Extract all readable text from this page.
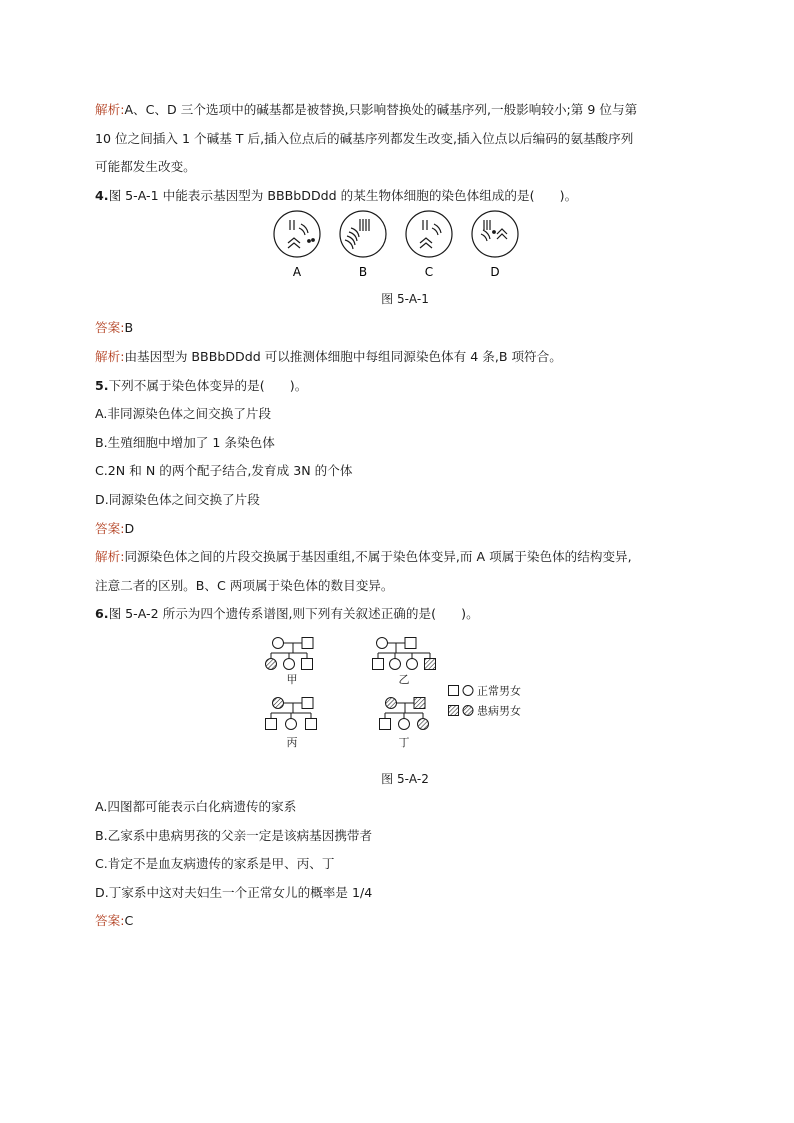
解析:A、C、D 三个选项中的碱基都是被替换,只影响替换处的碱基序列,一般影响较小;第 9 位与第
10 位之间插入 1 个碱基 T 后,插入位点后的碱基序列都发生改变,插入位点以后编码的氨基酸序列
可能都发生改变。
4.图 5-A-1 中能表示基因型为 BBBbDDdd 的某生物体细胞的染色体组成的是(　　)。
A	B	C	D
图 5-A-1
答案:B
解析:由基因型为 BBBbDDdd 可以推测体细胞中每组同源染色体有 4 条,B 项符合。
5.下列不属于染色体变异的是(　　)。
A.非同源染色体之间交换了片段
B.生殖细胞中增加了 1 条染色体
C.2N 和 N 的两个配子结合,发育成 3N 的个体
D.同源染色体之间交换了片段
答案:D
解析:同源染色体之间的片段交换属于基因重组,不属于染色体变异,而 A 项属于染色体的结构变异,
注意二者的区别。B、C 两项属于染色体的数目变异。
6.图 5-A-2 所示为四个遗传系谱图,则下列有关叙述正确的是(　　)。
甲	乙
丙	丁
正常男女
患病男女
图 5-A-2
A.四图都可能表示白化病遗传的家系
B.乙家系中患病男孩的父亲一定是该病基因携带者
C.肯定不是血友病遗传的家系是甲、丙、丁
D.丁家系中这对夫妇生一个正常女儿的概率是 1/4
答案:C
